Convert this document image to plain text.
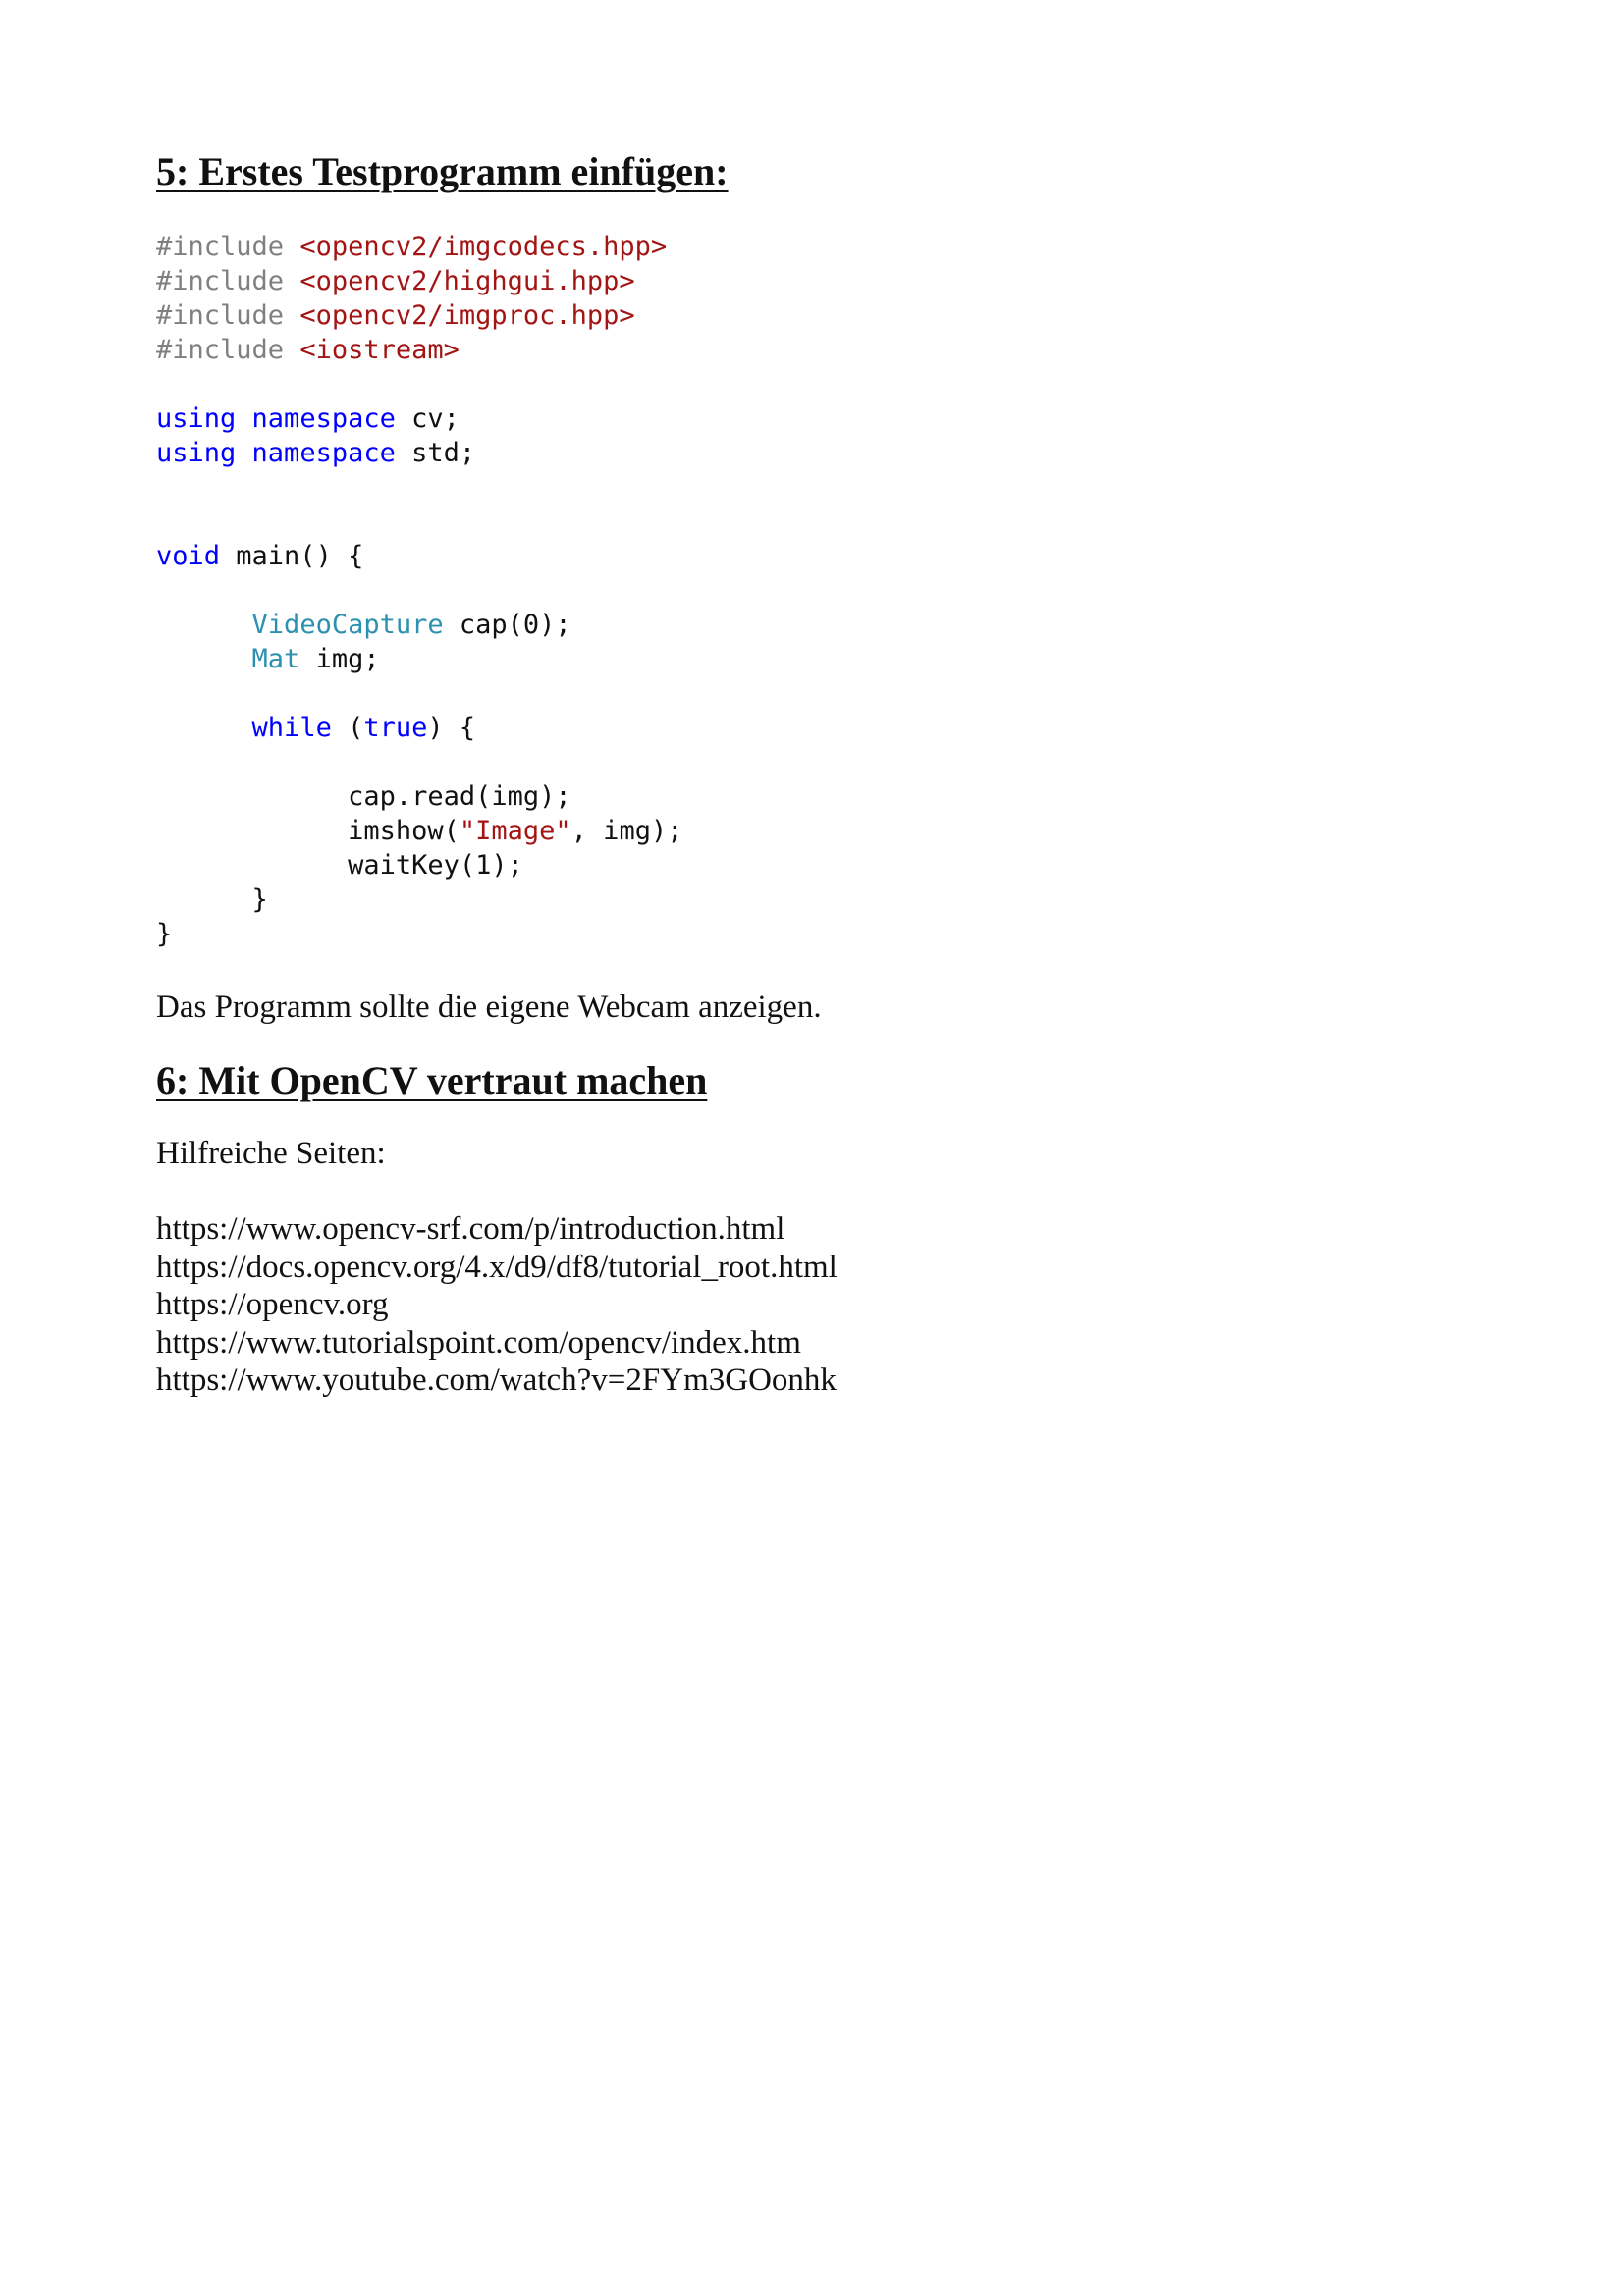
5: Erstes Testprogramm einfügen:
#include <opencv2/imgcodecs.hpp>
#include <opencv2/highgui.hpp>
#include <opencv2/imgproc.hpp>
#include <iostream>
using namespace cv;
using namespace std;
void main() {
VideoCapture cap(0);
Mat img;
while (true) {
cap.read(img);
imshow("Image", img);
waitKey(1);
}
}

Das Programm sollte die eigene Webcam anzeigen.

6: Mit OpenCV vertraut machen

Hilfreiche Seiten:

https://www.opencv-srf.com/p/introduction.html

https://docs.opencv.org/4.x/d9/df8/tutorial_root.html

https://opencv.org

https://www.tutorialspoint.com/opencv/index.htm

https://www.youtube.com/watch?v=2FYm3GOonhk
